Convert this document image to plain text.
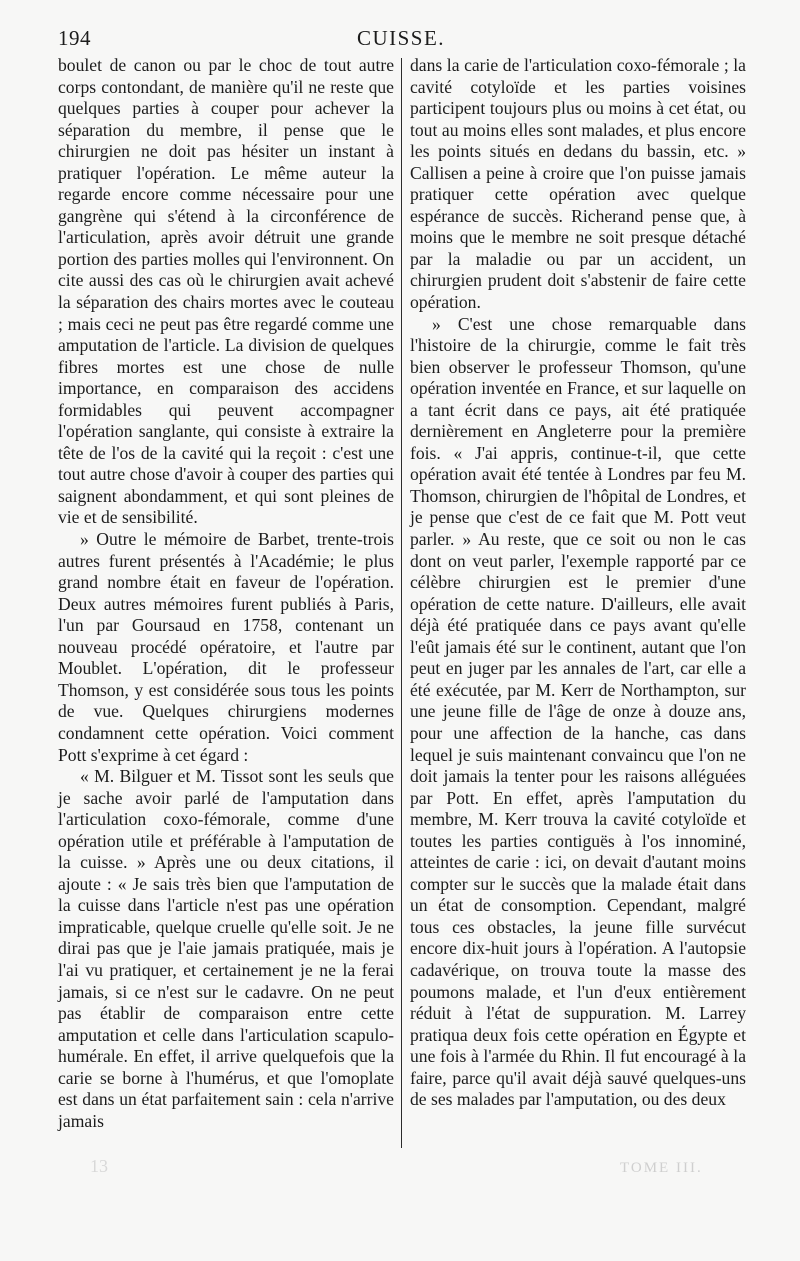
194	CUISSE.

boulet de canon ou par le choc de tout autre corps contondant, de manière qu'il ne reste que quelques parties à couper pour achever la séparation du membre, il pense que le chirurgien ne doit pas hésiter un instant à pratiquer l'opération. Le même auteur la regarde encore comme nécessaire pour une gangrène qui s'étend à la circonférence de l'articulation, après avoir détruit une grande portion des parties molles qui l'environnent. On cite aussi des cas où le chirurgien avait achevé la séparation des chairs mortes avec le couteau ; mais ceci ne peut pas être regardé comme une amputation de l'article. La division de quelques fibres mortes est une chose de nulle importance, en comparaison des accidens formidables qui peuvent accompagner l'opération sanglante, qui consiste à extraire la tête de l'os de la cavité qui la reçoit : c'est une tout autre chose d'avoir à couper des parties qui saignent abondamment, et qui sont pleines de vie et de sensibilité.

» Outre le mémoire de Barbet, trente-trois autres furent présentés à l'Académie; le plus grand nombre était en faveur de l'opération. Deux autres mémoires furent publiés à Paris, l'un par Goursaud en 1758, contenant un nouveau procédé opératoire, et l'autre par Moublet. L'opération, dit le professeur Thomson, y est considérée sous tous les points de vue. Quelques chirurgiens modernes condamnent cette opération. Voici comment Pott s'exprime à cet égard :

« M. Bilguer et M. Tissot sont les seuls que je sache avoir parlé de l'amputation dans l'articulation coxo-fémorale, comme d'une opération utile et préférable à l'amputation de la cuisse. » Après une ou deux citations, il ajoute : « Je sais très bien que l'amputation de la cuisse dans l'article n'est pas une opération impraticable, quelque cruelle qu'elle soit. Je ne dirai pas que je l'aie jamais pratiquée, mais je l'ai vu pratiquer, et certainement je ne la ferai jamais, si ce n'est sur le cadavre. On ne peut pas établir de comparaison entre cette amputation et celle dans l'articulation scapulo-humérale. En effet, il arrive quelquefois que la carie se borne à l'humérus, et que l'omoplate est dans un état parfaitement sain : cela n'arrive jamais

dans la carie de l'articulation coxo-fémorale ; la cavité cotyloïde et les parties voisines participent toujours plus ou moins à cet état, ou tout au moins elles sont malades, et plus encore les points situés en dedans du bassin, etc. » Callisen a peine à croire que l'on puisse jamais pratiquer cette opération avec quelque espérance de succès. Richerand pense que, à moins que le membre ne soit presque détaché par la maladie ou par un accident, un chirurgien prudent doit s'abstenir de faire cette opération.

» C'est une chose remarquable dans l'histoire de la chirurgie, comme le fait très bien observer le professeur Thomson, qu'une opération inventée en France, et sur laquelle on a tant écrit dans ce pays, ait été pratiquée dernièrement en Angleterre pour la première fois. « J'ai appris, continue-t-il, que cette opération avait été tentée à Londres par feu M. Thomson, chirurgien de l'hôpital de Londres, et je pense que c'est de ce fait que M. Pott veut parler. » Au reste, que ce soit ou non le cas dont on veut parler, l'exemple rapporté par ce célèbre chirurgien est le premier d'une opération de cette nature. D'ailleurs, elle avait déjà été pratiquée dans ce pays avant qu'elle l'eût jamais été sur le continent, autant que l'on peut en juger par les annales de l'art, car elle a été exécutée, par M. Kerr de Northampton, sur une jeune fille de l'âge de onze à douze ans, pour une affection de la hanche, cas dans lequel je suis maintenant convaincu que l'on ne doit jamais la tenter pour les raisons alléguées par Pott. En effet, après l'amputation du membre, M. Kerr trouva la cavité cotyloïde et toutes les parties contiguës à l'os innominé, atteintes de carie : ici, on devait d'autant moins compter sur le succès que la malade était dans un état de consomption. Cependant, malgré tous ces obstacles, la jeune fille survécut encore dix-huit jours à l'opération. A l'autopsie cadavérique, on trouva toute la masse des poumons malade, et l'un d'eux entièrement réduit à l'état de suppuration. M. Larrey pratiqua deux fois cette opération en Égypte et une fois à l'armée du Rhin. Il fut encouragé à la faire, parce qu'il avait déjà sauvé quelques-uns de ses malades par l'amputation, ou des deux

13	TOME III.
